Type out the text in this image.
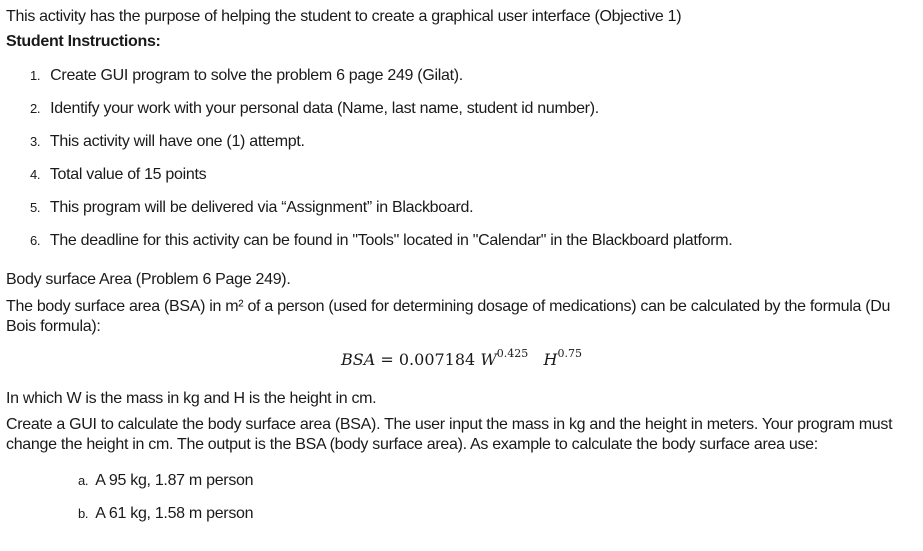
This activity has the purpose of helping the student to create a graphical user interface (Objective 1)
Student Instructions:
1. Create GUI program to solve the problem 6 page 249 (Gilat).
2. Identify your work with your personal data (Name, last name, student id number).
3. This activity will have one (1) attempt.
4. Total value of 15 points
5. This program will be delivered via “Assignment” in Blackboard.
6. The deadline for this activity can be found in "Tools" located in "Calendar" in the Blackboard platform.
Body surface Area (Problem 6 Page 249).
The body surface area (BSA) in m² of a person (used for determining dosage of medications) can be calculated by the formula (Du
Bois formula):
BSA = 0.007184 $W^{0.425}$ $H^{0.75}$
In which W is the mass in kg and H is the height in cm.
Create a GUI to calculate the body surface area (BSA). The user input the mass in kg and the height in meters. Your program must
change the height in cm. The output is the BSA (body surface area). As example to calculate the body surface area use:
a. A 95 kg, 1.87 m person
b. A 61 kg, 1.58 m person
